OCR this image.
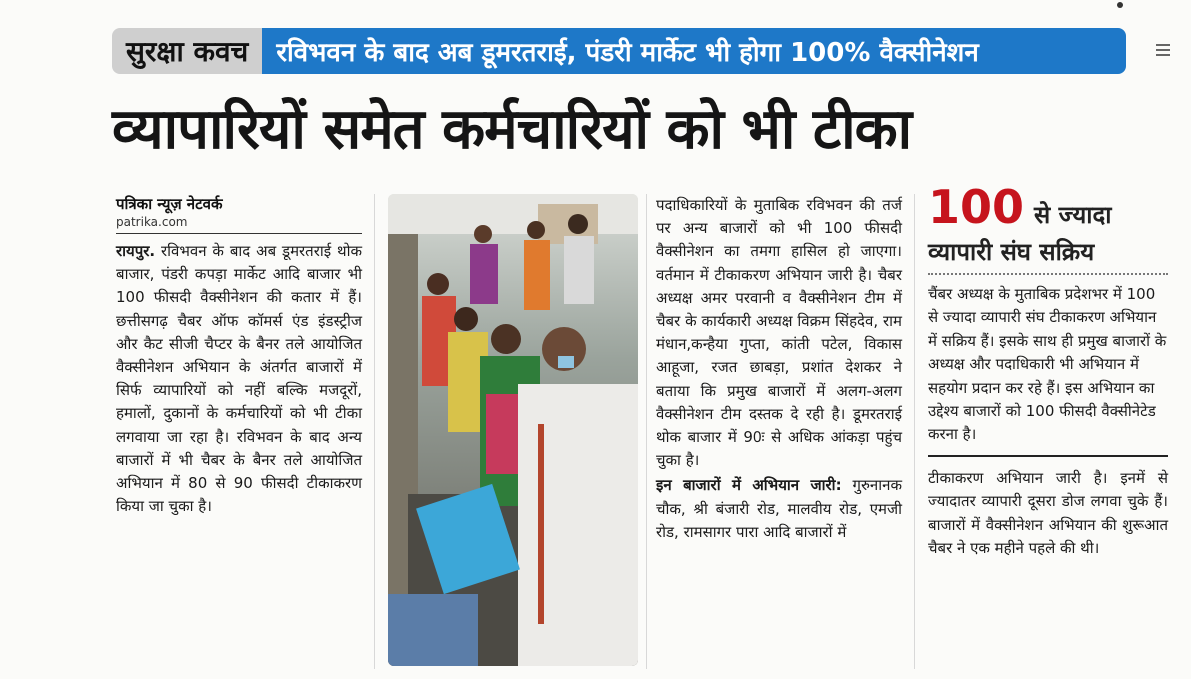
सुरक्षा कवच	रविभवन के बाद अब डूमरतराई, पंडरी मार्केट भी होगा 100% वैक्सीनेशन
व्यापारियों समेत कर्मचारियों को भी टीका
पत्रिका न्यूज़ नेटवर्क
patrika.com
रायपुर. रविभवन के बाद अब डूमरतराई थोक बाजार, पंडरी कपड़ा मार्केट आदि बाजार भी 100 फीसदी वैक्सीनेशन की कतार में हैं। छत्तीसगढ़ चैबर ऑफ कॉमर्स एंड इंडस्ट्रीज और कैट सीजी चैप्टर के बैनर तले आयोजित वैक्सीनेशन अभियान के अंतर्गत बाजारों में सिर्फ व्यापारियों को नहीं बल्कि मजदूरों, हमालों, दुकानों के कर्मचारियों को भी टीका लगवाया जा रहा है। रविभवन के बाद अन्य बाजारों में भी चैबर के बैनर तले आयोजित अभियान में 80 से 90 फीसदी टीकाकरण किया जा चुका है।
पदाधिकारियों के मुताबिक रविभवन की तर्ज पर अन्य बाजारों को भी 100 फीसदी वैक्सीनेशन का तमगा हासिल हो जाएगा। वर्तमान में टीकाकरण अभियान जारी है। चैबर अध्यक्ष अमर परवानी व वैक्सीनेशन टीम में चैबर के कार्यकारी अध्यक्ष विक्रम सिंहदेव, राम मंधान,कन्हैया गुप्ता, कांती पटेल, विकास आहूजा, रजत छाबड़ा, प्रशांत देशकर ने बताया कि प्रमुख बाजारों में अलग-अलग वैक्सीनेशन टीम दस्तक दे रही है। डूमरतराई थोक बाजार में 90ः से अधिक आंकड़ा पहुंच चुका है।
इन बाजारों में अभियान जारी: गुरुनानक चौक, श्री बंजारी रोड, मालवीय रोड, एमजी रोड, रामसागर पारा आदि बाजारों में
100 से ज्यादा
व्यापारी संघ सक्रिय
चैंबर अध्यक्ष के मुताबिक प्रदेशभर में 100 से ज्यादा व्यापारी संघ टीकाकरण अभियान में सक्रिय हैं। इसके साथ ही प्रमुख बाजारों के अध्यक्ष और पदाधिकारी भी अभियान में सहयोग प्रदान कर रहे हैं। इस अभियान का उद्देश्य बाजारों को 100 फीसदी वैक्सीनेटेड करना है।
टीकाकरण अभियान जारी है। इनमें से ज्यादातर व्यापारी दूसरा डोज लगवा चुके हैं। बाजारों में वैक्सीनेशन अभियान की शुरूआत चैबर ने एक महीने पहले की थी।
